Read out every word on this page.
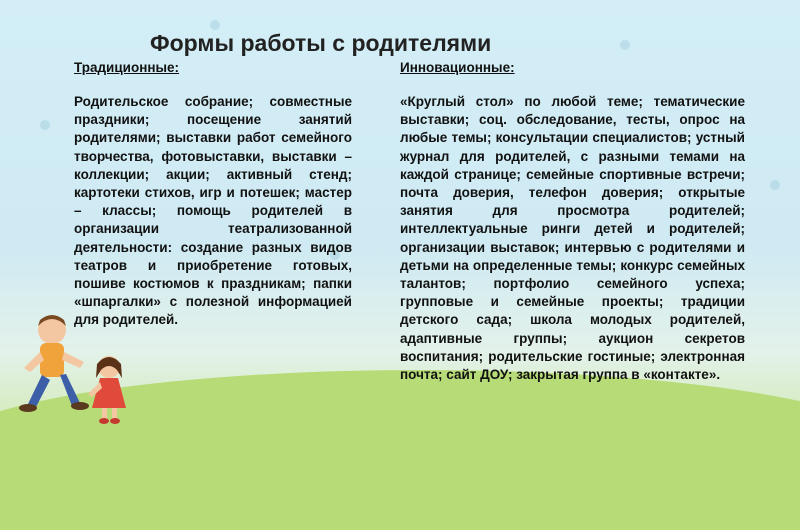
Формы работы с родителями

Традиционные:

Родительское собрание; совместные праздники; посещение занятий родителями; выставки работ семейного творчества, фотовыставки, выставки – коллекции; акции; активный стенд; картотеки стихов, игр и потешек; мастер – классы; помощь родителей в организации театрализованной деятельности: создание разных видов театров и приобретение готовых, пошиве костюмов к праздникам; папки «шпаргалки» с полезной информацией для родителей.

Инновационные:

«Круглый стол» по любой теме; тематические выставки; соц. обследование, тесты, опрос на любые темы; консультации специалистов; устный журнал для родителей, с разными темами на каждой странице; семейные спортивные встречи; почта доверия, телефон доверия; открытые занятия для просмотра родителей; интеллектуальные ринги детей и родителей; организации выставок; интервью с родителями и детьми на определенные темы; конкурс семейных талантов; портфолио семейного успеха; групповые и семейные проекты; традиции детского сада; школа молодых родителей, адаптивные группы; аукцион секретов воспитания; родительские гостиные; электронная почта; сайт ДОУ; закрытая группа в «контакте».
